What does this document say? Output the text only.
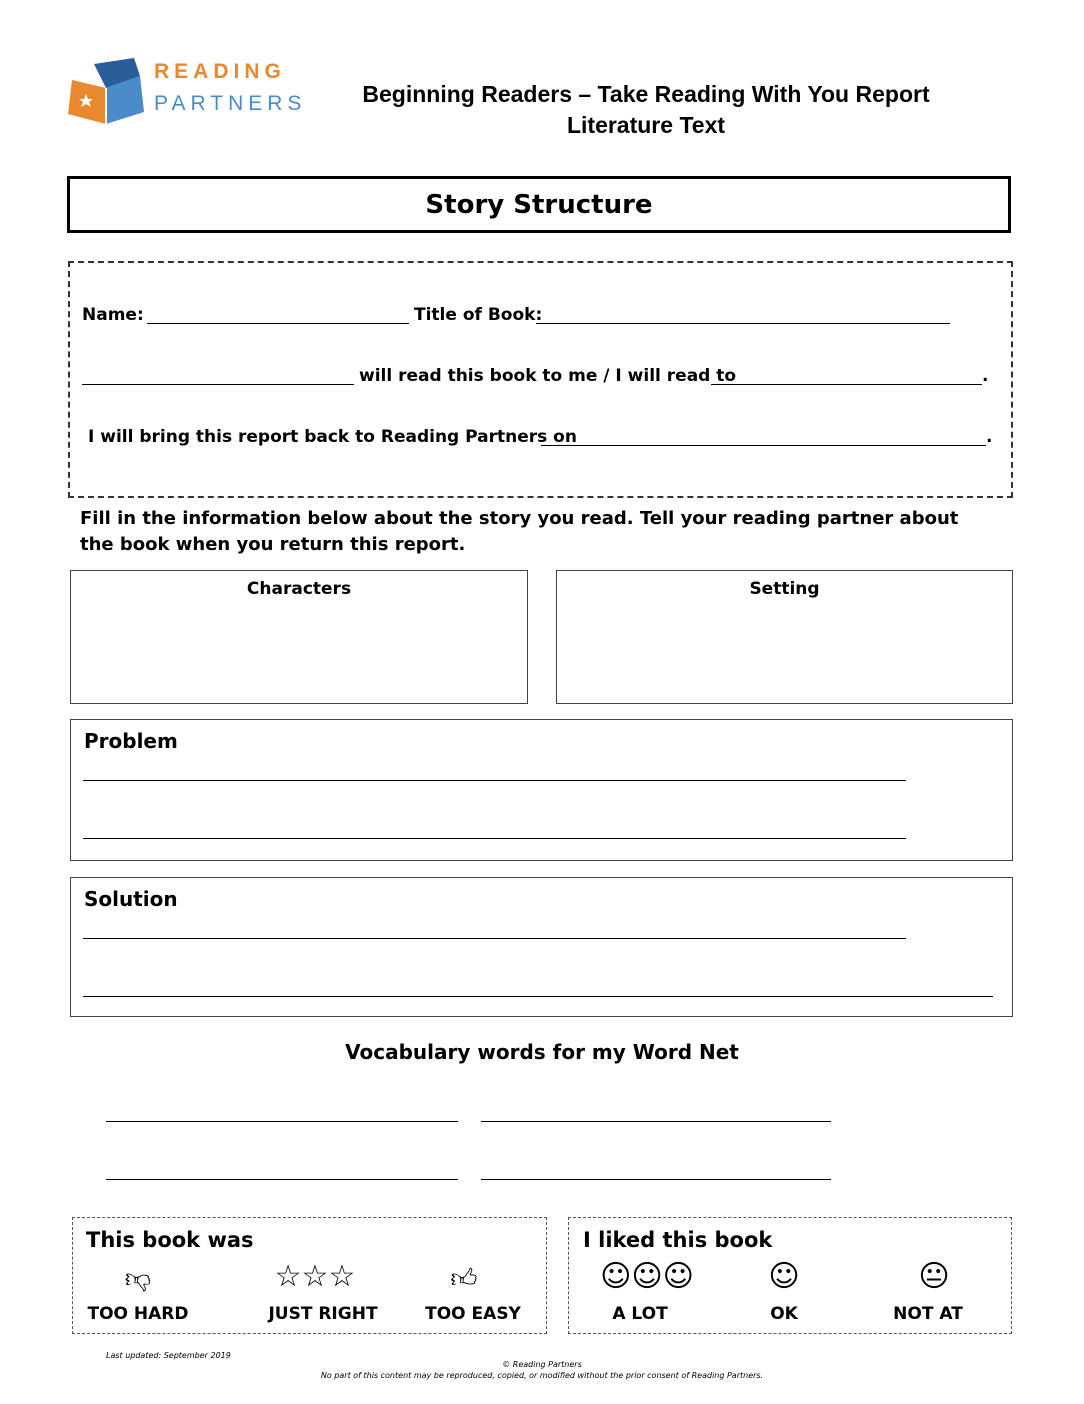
READING
PARTNERS	Beginning Readers – Take Reading With You Report
Literature Text
Story Structure
Name:	Title of Book:
will read this book to me / I will read to	.
I will bring this report back to Reading Partners on	.
Fill in the information below about the story you read. Tell your reading partner about the book when you return this report.
Characters	Setting
Problem
Solution
Vocabulary words for my Word Net
This book was
👎︎	☆☆☆	👍︎
TOO HARD	JUST RIGHT	TOO EASY
I liked this book
☺☺☺	☺	😐︎
A LOT	OK	NOT AT
Last updated: September 2019
© Reading Partners
No part of this content may be reproduced, copied, or modified without the prior consent of Reading Partners.
